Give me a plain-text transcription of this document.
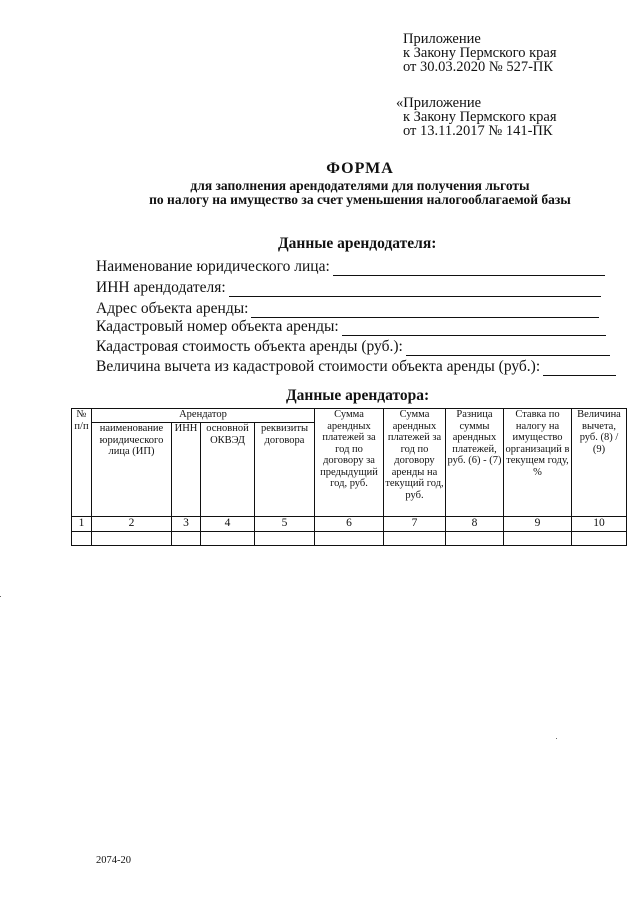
Приложение
к Закону Пермского края
от 30.03.2020 № 527-ПК
«Приложение
к Закону Пермского края
от 13.11.2017 № 141-ПК
ФОРМА
для заполнения арендодателями для получения льготы
по налогу на имущество за счет уменьшения налогооблагаемой базы
Данные арендодателя:
Наименование юридического лица:
ИНН арендодателя:
Адрес объекта аренды:
Кадастровый номер объекта аренды:
Кадастровая стоимость объекта аренды (руб.):
Величина вычета из кадастровой стоимости объекта аренды (руб.):
Данные арендатора:
№ п/п	Арендатор				Сумма арендных платежей за год по договору за предыдущий год, руб.	Сумма арендных платежей за год по договору аренды на текущий год, руб.	Разница суммы арендных платежей, руб. (6) - (7)	Ставка по налогу на имущество организаций в текущем году, %	Величина вычета, руб. (8) / (9)
	наименование юридического лица (ИП)	ИНН	основной ОКВЭД	реквизиты договора					
1	2	3	4	5	6	7	8	9	10

2074-20
